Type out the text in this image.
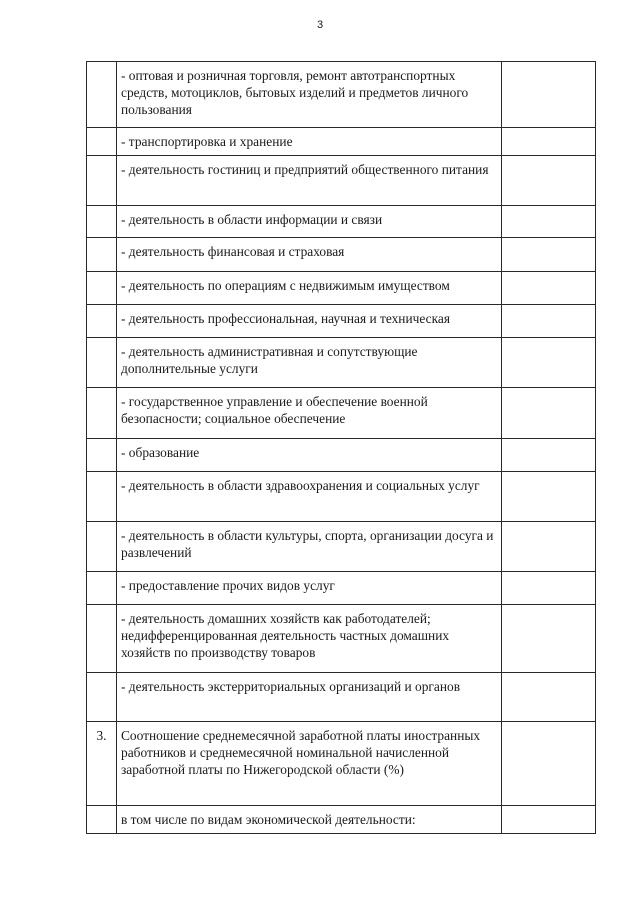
3
	- оптовая и розничная торговля, ремонт автотранспортных средств, мотоциклов, бытовых изделий и предметов личного пользования	
	- транспортировка и хранение	
	- деятельность гостиниц и предприятий общественного питания	
	- деятельность в области информации и связи	
	- деятельность финансовая и страховая	
	- деятельность по операциям с недвижимым имуществом	
	- деятельность профессиональная, научная и техническая	
	- деятельность административная и сопутствующие дополнительные услуги	
	- государственное управление и обеспечение военной безопасности; социальное обеспечение	
	- образование	
	- деятельность в области здравоохранения и социальных услуг	
	- деятельность в области культуры, спорта, организации досуга и развлечений	
	- предоставление прочих видов услуг	
	- деятельность домашних хозяйств как работодателей; недифференцированная деятельность частных домашних хозяйств по производству товаров	
	- деятельность экстерриториальных организаций и органов	
3.	Соотношение среднемесячной заработной платы иностранных работников и среднемесячной номинальной начисленной заработной платы по Нижегородской области (%)	
	в том числе по видам экономической деятельности:	
